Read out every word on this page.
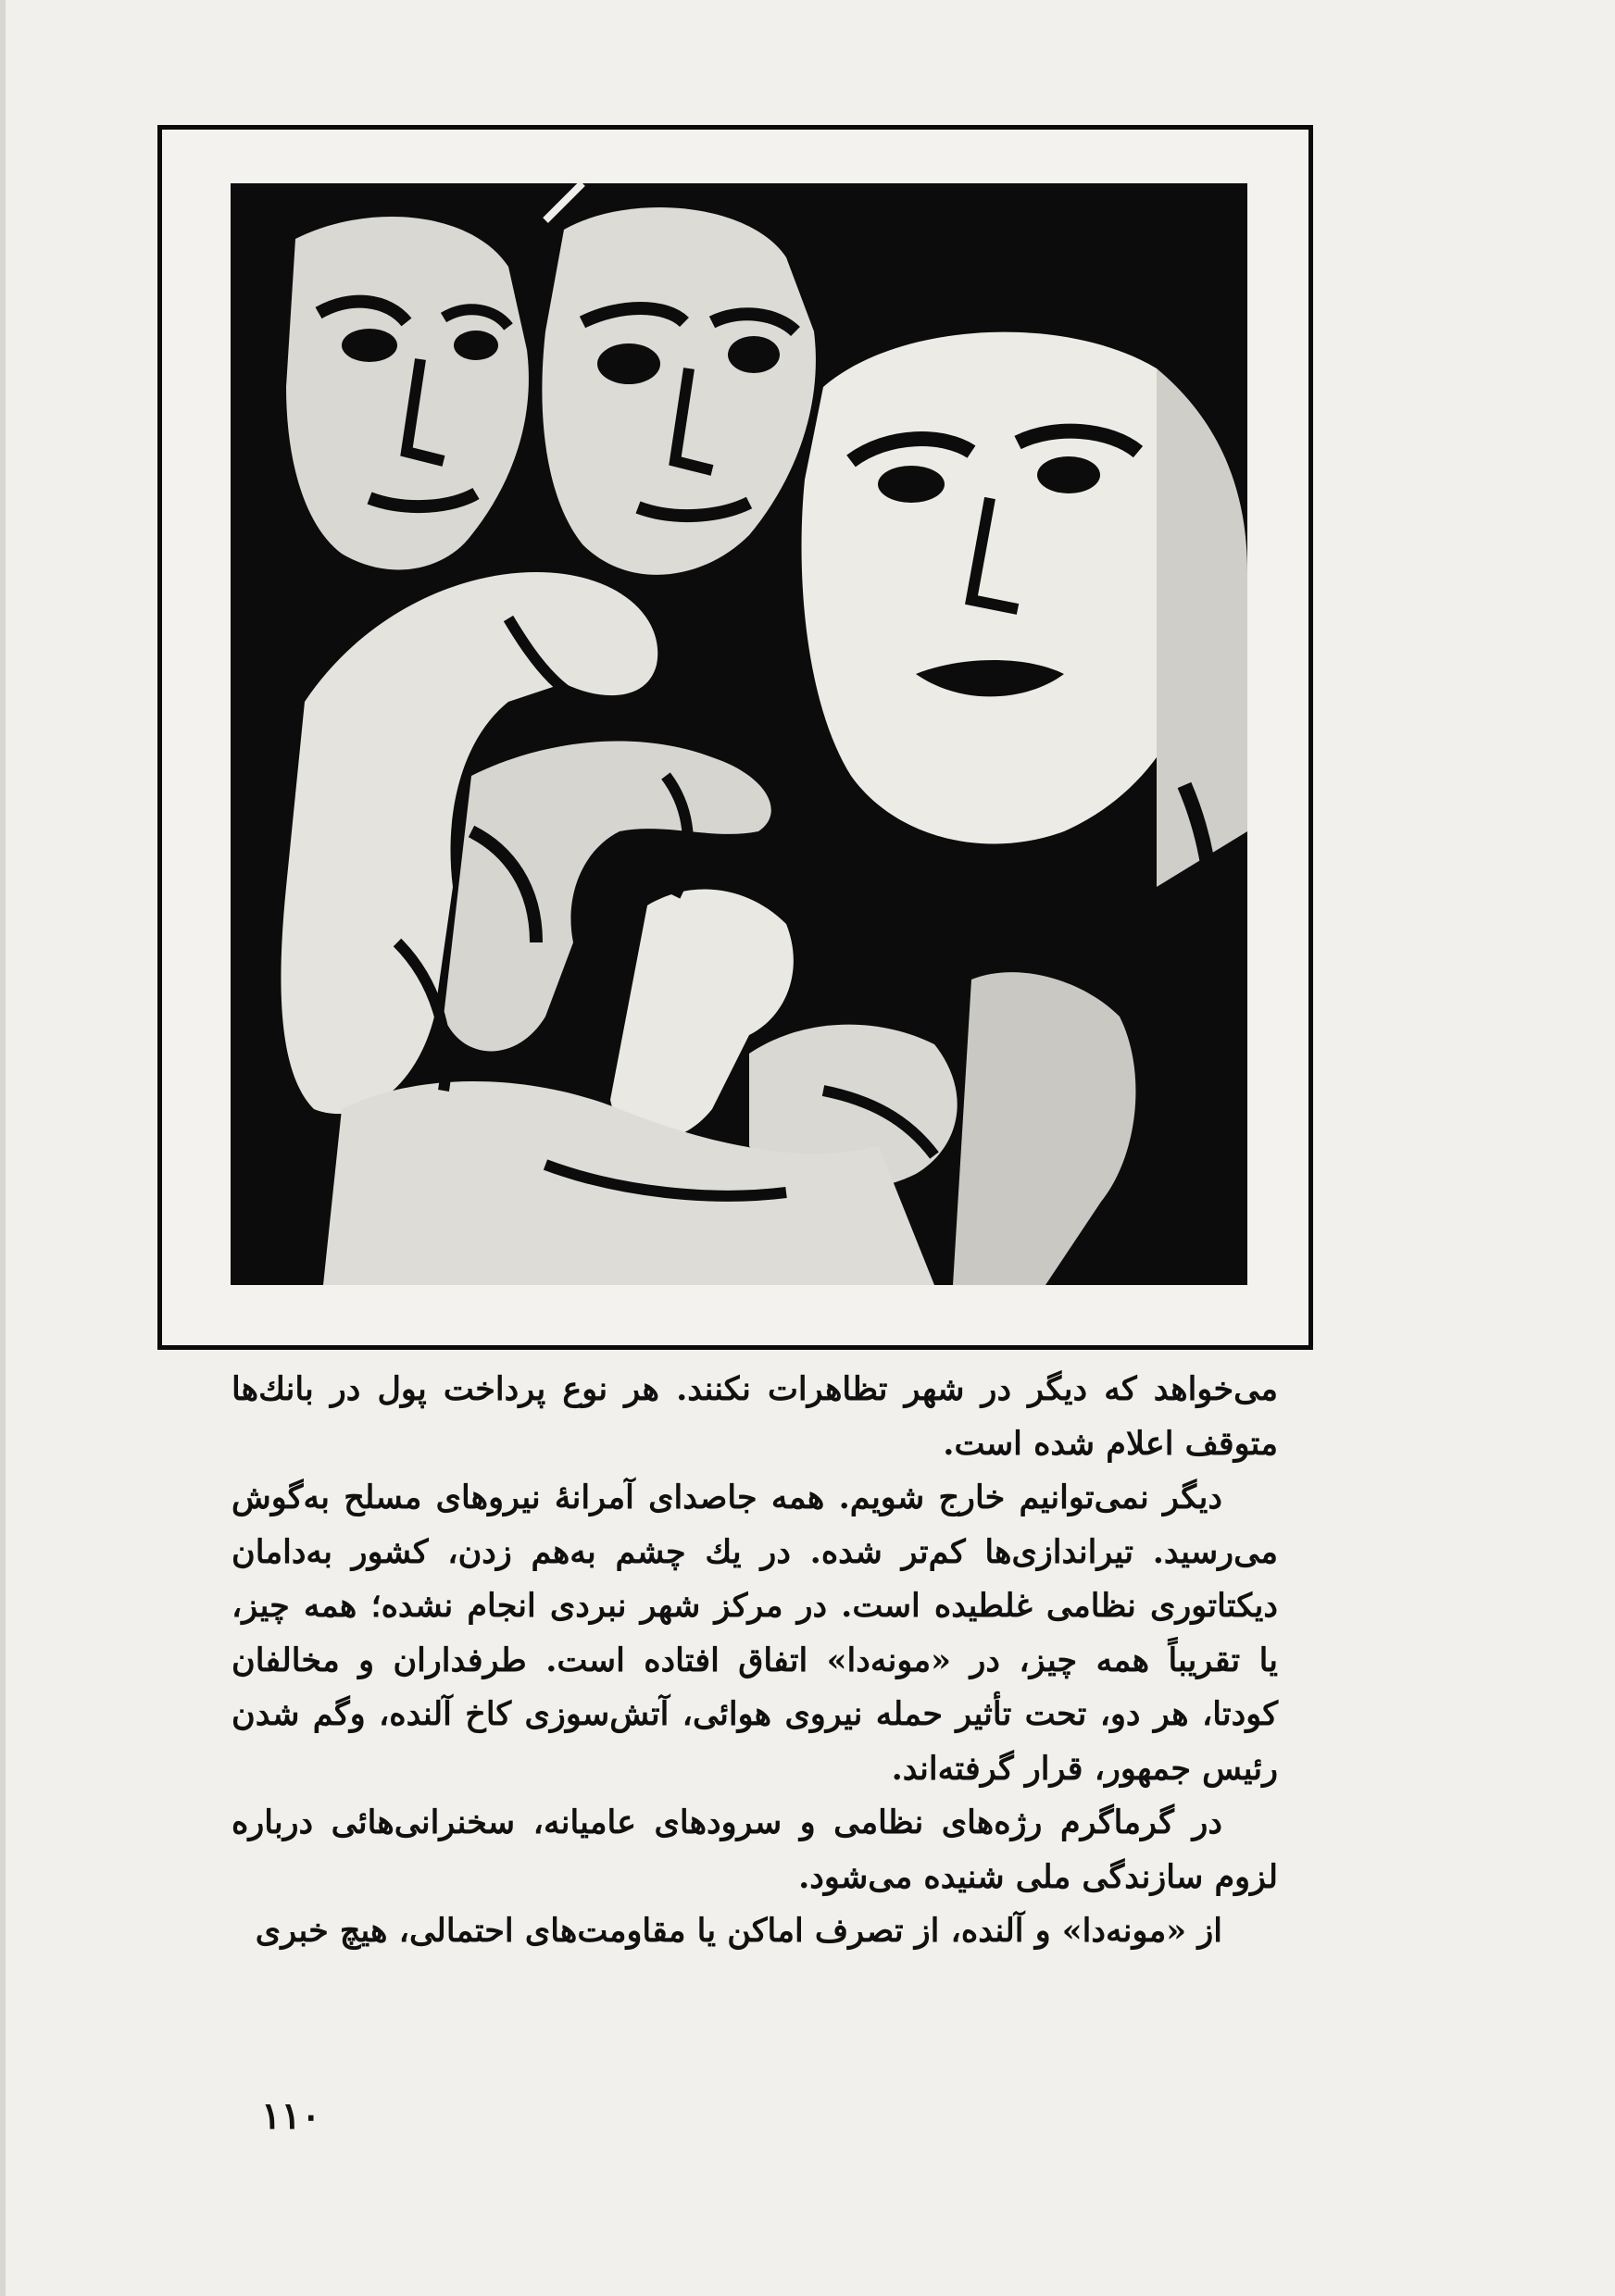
می‌خواهد که دیگر در شهر تظاهرات نکنند. هر نوع پرداخت پول در بانك‌ها متوقف اعلام شده است.

دیگر نمی‌توانیم خارج شویم. همه جاصدای آمرانهٔ نیروهای مسلح به‌گوش می‌رسید. تیراندازی‌ها کم‌تر شده. در یك چشم به‌هم زدن، کشور به‌دامان دیکتاتوری نظامی غلطیده است. در مرکز شهر نبردی انجام نشده؛ همه چیز، یا تقریباً همه چیز، در «مونه‌دا» اتفاق افتاده است. طرفداران و مخالفان کودتا، هر دو، تحت تأثیر حمله نیروی هوائی، آتش‌سوزی کاخ آلنده، وگم شدن رئیس جمهور، قرار گرفته‌اند.

در گرماگرم رژه‌های نظامی و سرودهای عامیانه، سخنرانی‌هائی درباره لزوم سازندگی ملی شنیده می‌شود.

از «مونه‌دا» و آلنده، از تصرف اماکن یا مقاومت‌های احتمالی، هیچ خبری

۱۱۰
